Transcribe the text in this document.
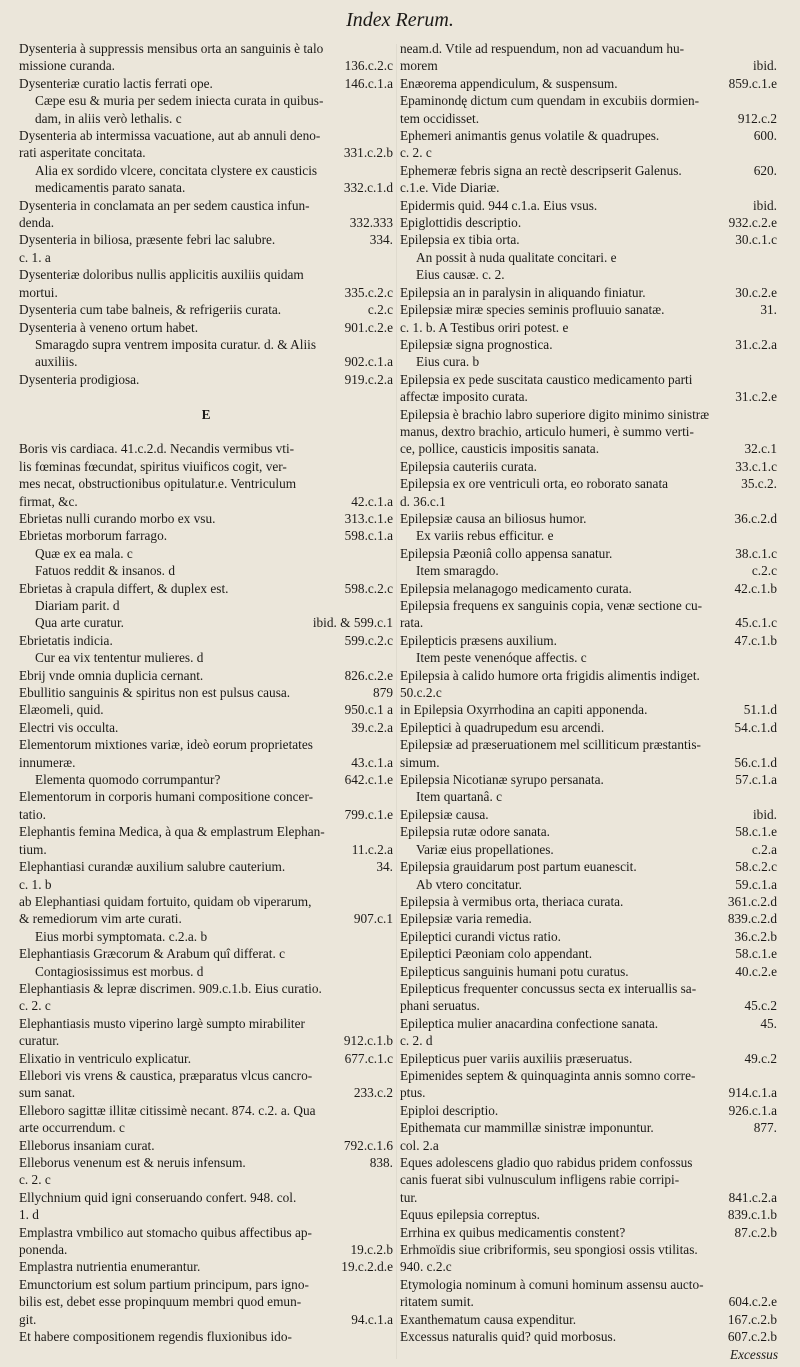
Index Rerum.
Dysenteria à suppressis mensibus orta an sanguinis è talo
missione curanda.	136.c.2.c
Dysenteriæ curatio lactis ferrati ope.	146.c.1.a
Cæpe esu & muria per sedem iniecta curata in quibus-
dam, in aliis verò lethalis. c
Dysenteria ab intermissa vacuatione, aut ab annuli deno-
rati asperitate concitata.	331.c.2.b
Alia ex sordido vlcere, concitata clystere ex causticis
medicamentis parato sanata.	332.c.1.d
Dysenteria in conclamata an per sedem caustica infun-
denda.	332.333
Dysenteria in biliosa, præsente febri lac salubre.	334.
c. 1. a
Dysenteriæ doloribus nullis applicitis auxiliis quidam
mortui.	335.c.2.c
Dysenteria cum tabe balneis, & refrigeriis curata.	c.2.c
Dysenteria à veneno ortum habet.	901.c.2.e
Smaragdo supra ventrem imposita curatur. d. & Aliis
auxiliis.	902.c.1.a
Dysenteria prodigiosa.	919.c.2.a
E
Boris vis cardiaca. 41.c.2.d. Necandis vermibus vti-
lis fœminas fœcundat, spiritus viuificos cogit, ver-
mes necat, obstructionibus opitulatur.e. Ventriculum
firmat, &c.	42.c.1.a
Ebrietas nulli curando morbo ex vsu.	313.c.1.e
Ebrietas morborum farrago.	598.c.1.a
Quæ ex ea mala. c
Fatuos reddit & insanos. d
Ebrietas à crapula differt, & duplex est.	598.c.2.c
Diariam parit. d
Qua arte curatur.	ibid. & 599.c.1
Ebrietatis indicia.	599.c.2.c
Cur ea vix tententur mulieres. d
Ebrij vnde omnia duplicia cernant.	826.c.2.e
Ebullitio sanguinis & spiritus non est pulsus causa.	879
Elæomeli, quid.	950.c.1 a
Electri vis occulta.	39.c.2.a
Elementorum mixtiones variæ, ideò eorum proprietates
innumeræ.	43.c.1.a
Elementa quomodo corrumpantur?	642.c.1.e
Elementorum in corporis humani compositione concer-
tatio.	799.c.1.e
Elephantis femina Medica, à qua & emplastrum Elephan-
tium.	11.c.2.a
Elephantiasi curandæ auxilium salubre cauterium.	34.
c. 1. b
ab Elephantiasi quidam fortuito, quidam ob viperarum,
& remediorum vim arte curati.	907.c.1
Eius morbi symptomata. c.2.a. b
Elephantiasis Græcorum & Arabum quî differat. c
Contagiosissimus est morbus. d
Elephantiasis & lepræ discrimen. 909.c.1.b. Eius curatio.
c. 2. c
Elephantiasis musto viperino largè sumpto mirabiliter
curatur.	912.c.1.b
Elixatio in ventriculo explicatur.	677.c.1.c
Ellebori vis vrens & caustica, præparatus vlcus cancro-
sum sanat.	233.c.2
Elleboro sagittæ illitæ citissimè necant. 874. c.2. a. Qua
arte occurrendum. c
Elleborus insaniam curat.	792.c.1.6
Elleborus venenum est & neruis infensum.	838.
c. 2. c
Ellychnium quid igni conseruando confert. 948. col.
1. d
Emplastra vmbilico aut stomacho quibus affectibus ap-
ponenda.	19.c.2.b
Emplastra nutrientia enumerantur.	19.c.2.d.e
Emunctorium est solum partium principum, pars igno-
bilis est, debet esse propinquum membri quod emun-
git.	94.c.1.a
Et habere compositionem regendis fluxionibus ido-
neam.d. Vtile ad respuendum, non ad vacuandum hu-
morem	ibid.
Enæorema appendiculum, & suspensum.	859.c.1.e
Epaminondę dictum cum quendam in excubiis dormien-
tem occidisset.	912.c.2
Ephemeri animantis genus volatile & quadrupes.	600.
c. 2. c
Ephemeræ febris signa an rectè descripserit Galenus.	620.
c.1.e. Vide Diariæ.
Epidermis quid. 944 c.1.a. Eius vsus.	ibid.
Epiglottidis descriptio.	932.c.2.e
Epilepsia ex tibia orta.	30.c.1.c
An possit à nuda qualitate concitari. e
Eius causæ. c. 2.
Epilepsia an in paralysin in aliquando finiatur.	30.c.2.e
Epilepsiæ miræ species seminis profluuio sanatæ.	31.
c. 1. b. A Testibus oriri potest. e
Epilepsiæ signa prognostica.	31.c.2.a
Eius cura. b
Epilepsia ex pede suscitata caustico medicamento parti
affectæ imposito curata.	31.c.2.e
Epilepsia è brachio labro superiore digito minimo sinistræ
manus, dextro brachio, articulo humeri, è summo verti-
ce, pollice, causticis impositis sanata.	32.c.1
Epilepsia cauteriis curata.	33.c.1.c
Epilepsia ex ore ventriculi orta, eo roborato sanata	35.c.2.
d. 36.c.1
Epilepsiæ causa an biliosus humor.	36.c.2.d
Ex variis rebus efficitur. e
Epilepsia Pæoniâ collo appensa sanatur.	38.c.1.c
Item smaragdo.	c.2.c
Epilepsia melanagogo medicamento curata.	42.c.1.b
Epilepsia frequens ex sanguinis copia, venæ sectione cu-
rata.	45.c.1.c
Epilepticis præsens auxilium.	47.c.1.b
Item peste venenóque affectis. c
Epilepsia à calido humore orta frigidis alimentis indiget.
50.c.2.c
in Epilepsia Oxyrrhodina an capiti apponenda.	51.1.d
Epileptici à quadrupedum esu arcendi.	54.c.1.d
Epilepsiæ ad præseruationem mel scilliticum præstantis-
simum.	56.c.1.d
Epilepsia Nicotianæ syrupo persanata.	57.c.1.a
Item quartanâ. c
Epilepsiæ causa.	ibid.
Epilepsia rutæ odore sanata.	58.c.1.e
Variæ eius propellationes.	c.2.a
Epilepsia grauidarum post partum euanescit.	58.c.2.c
Ab vtero concitatur.	59.c.1.a
Epilepsia à vermibus orta, theriaca curata.	361.c.2.d
Epilepsiæ varia remedia.	839.c.2.d
Epileptici curandi victus ratio.	36.c.2.b
Epileptici Pæoniam colo appendant.	58.c.1.e
Epilepticus sanguinis humani potu curatus.	40.c.2.e
Epilepticus frequenter concussus secta ex interuallis sa-
phani seruatus.	45.c.2
Epileptica mulier anacardina confectione sanata.	45.
c. 2. d
Epilepticus puer variis auxiliis præseruatus.	49.c.2
Epimenides septem & quinquaginta annis somno corre-
ptus.	914.c.1.a
Epiploi descriptio.	926.c.1.a
Epithemata cur mammillæ sinistræ imponuntur.	877.
col. 2.a
Eques adolescens gladio quo rabidus pridem confossus
canis fuerat sibi vulnusculum infligens rabie corripi-
tur.	841.c.2.a
Equus epilepsia correptus.	839.c.1.b
Errhina ex quibus medicamentis constent?	87.c.2.b
Erhmoïdis siue cribriformis, seu spongiosi ossis vtilitas.
940. c.2.c
Etymologia nominum à comuni hominum assensu aucto-
ritatem sumit.	604.c.2.e
Exanthematum causa expenditur.	167.c.2.b
Excessus naturalis quid? quid morbosus.	607.c.2.b
Excessus
